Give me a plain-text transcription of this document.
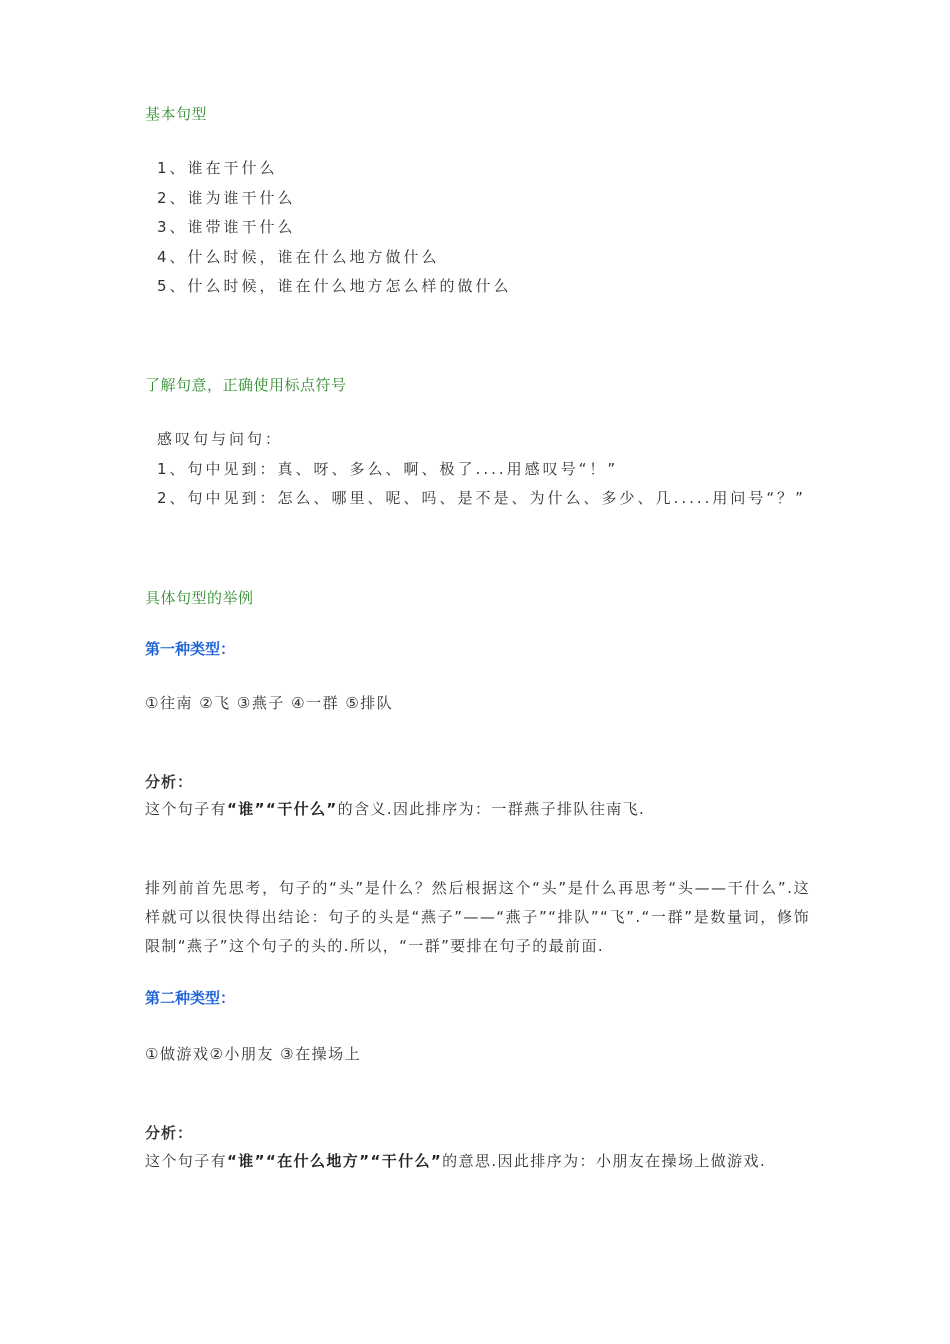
基本句型
1、谁在干什么
2、谁为谁干什么
3、谁带谁干什么
4、什么时候，谁在什么地方做什么
5、什么时候，谁在什么地方怎么样的做什么
了解句意，正确使用标点符号
感叹句与问句：
1、句中见到：真、呀、多么、啊、极了....用感叹号“！”
2、句中见到：怎么、哪里、呢、吗、是不是、为什么、多少、几.....用问号“？”
具体句型的举例
第一种类型：
①往南 ②飞 ③燕子 ④一群 ⑤排队
分析：

这个句子有“谁”“干什么”的含义.因此排序为：一群燕子排队往南飞.

排列前首先思考，句子的“头”是什么？然后根据这个“头”是什么再思考“头——干什么”.这样就可以很快得出结论：句子的头是“燕子”——“燕子”“排队”“飞”.“一群”是数量词，修饰限制“燕子”这个句子的头的.所以，“一群”要排在句子的最前面.

第二种类型：
①做游戏②小朋友 ③在操场上
分析：

这个句子有“谁”“在什么地方”“干什么”的意思.因此排序为：小朋友在操场上做游戏.
